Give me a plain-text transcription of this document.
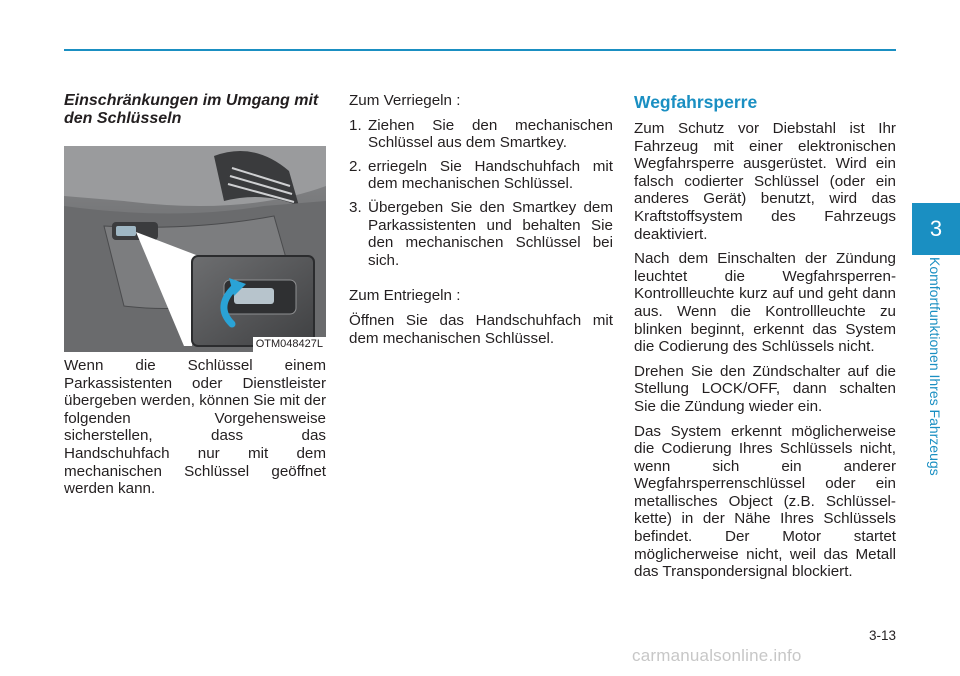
Einschränkungen im Umgang mit den Schlüsseln
OTM048427L

Wenn die Schlüssel einem Parkassistenten oder Dienstleister übergeben werden, können Sie mit der folgenden Vorgehensweise sicherstellen, dass das Handschuhfach nur mit dem mechanischen Schlüssel geöffnet werden kann.

Zum Verriegeln :

1. Ziehen Sie den mechanischen Schlüssel aus dem Smartkey.
2. erriegeln Sie Handschuhfach mit dem mechanischen Schlüssel.
3. Übergeben Sie den Smartkey dem Parkassistenten und behalten Sie den mechanischen Schlüssel bei sich.

Zum Entriegeln :

Öffnen Sie das Handschuhfach mit dem mechanischen Schlüssel.

Wegfahrsperre

Zum Schutz vor Diebstahl ist Ihr Fahrzeug mit einer elektronischen Wegfahrsperre ausgerüstet. Wird ein falsch codierter Schlüssel (oder ein anderes Gerät) benutzt, wird das Kraftstoffsystem des Fahrzeugs deaktiviert.

Nach dem Einschalten der Zündung leuchtet die Wegfahrsperren-Kontrollleuchte kurz auf und geht dann aus. Wenn die Kontrollleuchte zu blinken beginnt, erkennt das System die Codierung des Schlüssels nicht.

Drehen Sie den Zündschalter auf die Stellung LOCK/OFF, dann schalten Sie die Zündung wieder ein.

Das System erkennt möglicherweise die Codierung Ihres Schlüssels nicht, wenn sich ein anderer Wegfahrsperrenschlüssel oder ein metallisches Object (z.B. Schlüssel-kette) in der Nähe Ihres Schlüssels befindet. Der Motor startet möglicherweise nicht, weil das Metall das Transpondersignal blockiert.

3
Komfortfunktionen Ihres Fahrzeugs
3-13
carmanualsonline.info
